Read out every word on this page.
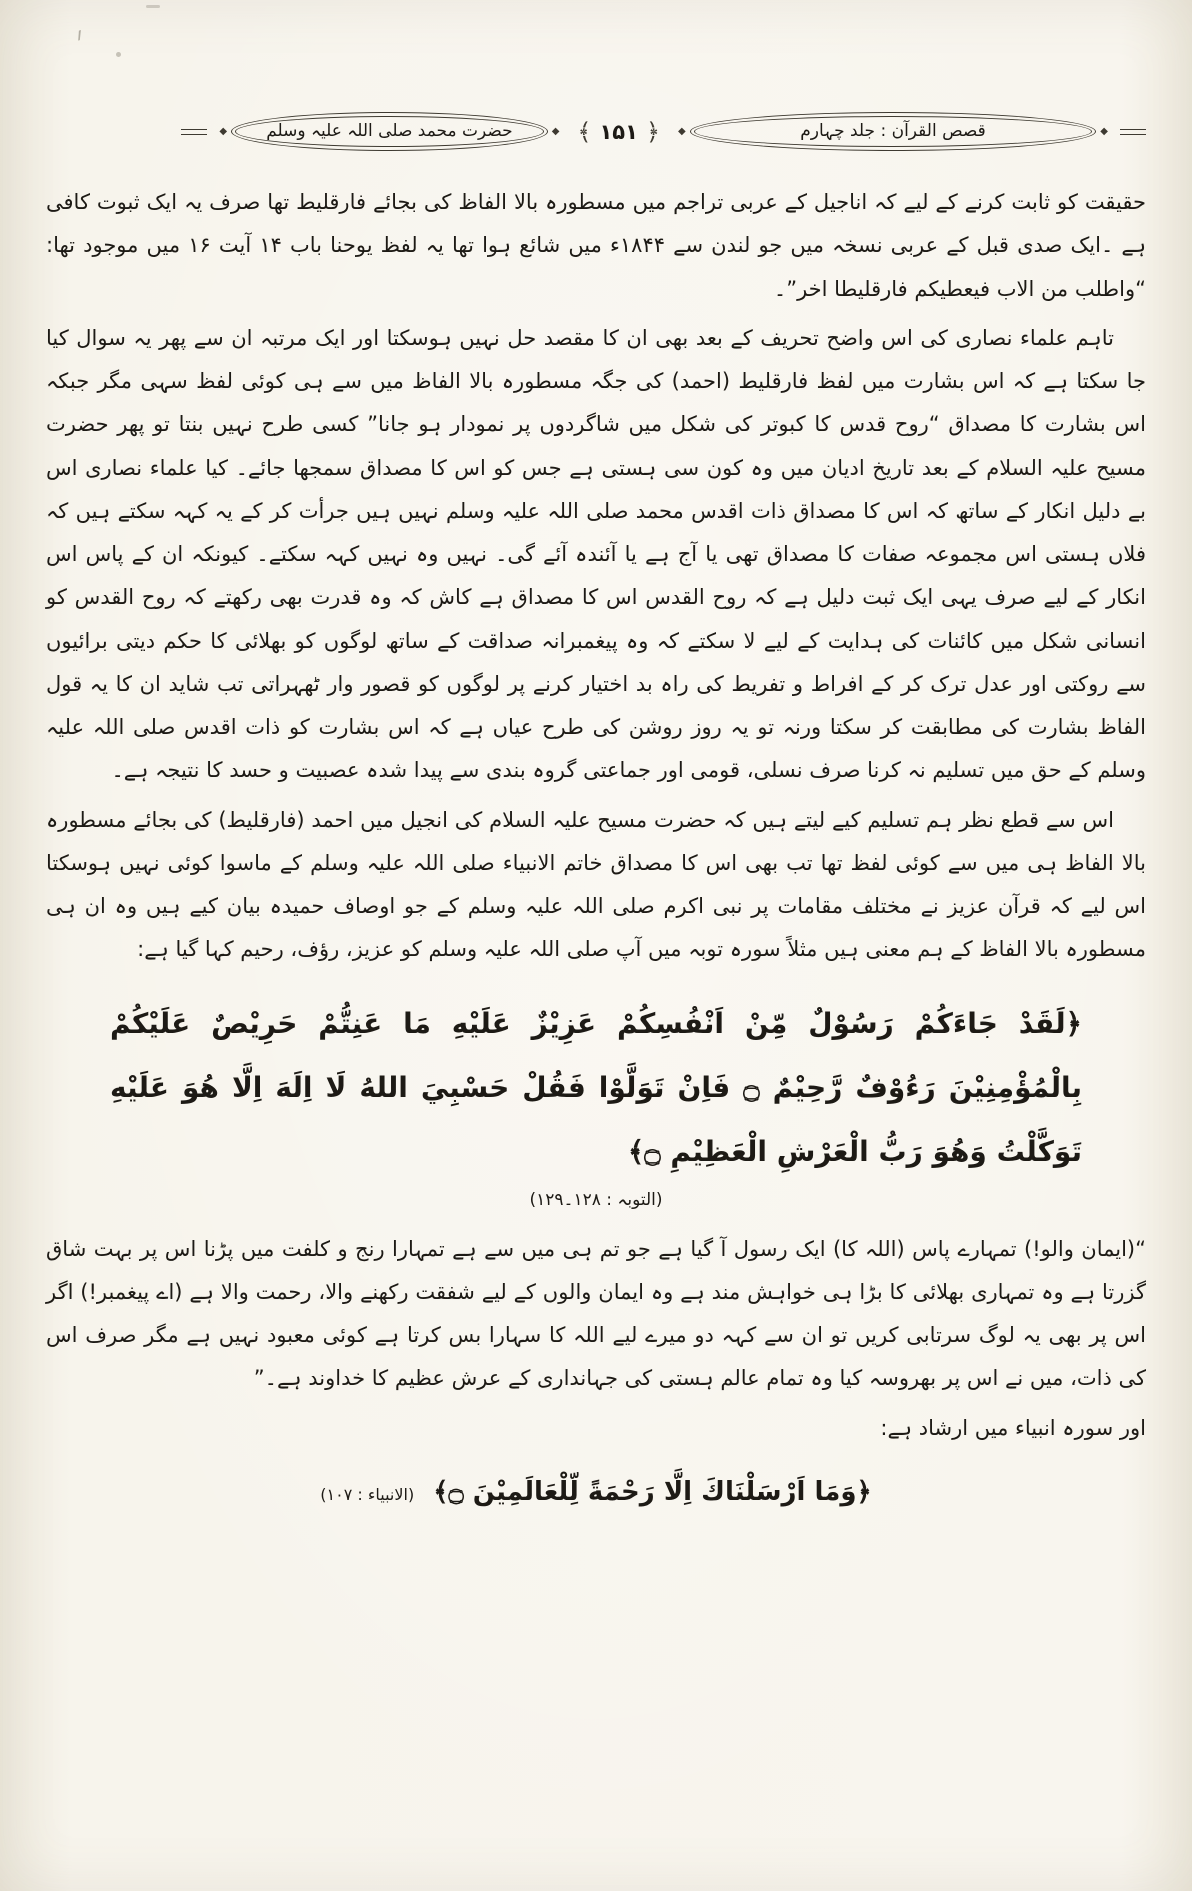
؍
◆
قصص القرآن : جلد چہارم
◆
﴿
۱۵۱
﴾
◆
حضرت محمد صلی اللہ علیہ وسلم
◆

حقیقت کو ثابت کرنے کے لیے کہ اناجیل کے عربی تراجم میں مسطورہ بالا الفاظ کی بجائے فارقلیط تھا صرف یہ ایک ثبوت کافی ہے ۔ایک صدی قبل کے عربی نسخہ میں جو لندن سے ۱۸۴۴ء میں شائع ہوا تھا یہ لفظ یوحنا باب ۱۴ آیت ۱۶ میں موجود تھا: “واطلب من الاب فيعطيكم فارقليطا اخر”۔

تاہم علماء نصاری کی اس واضح تحریف کے بعد بھی ان کا مقصد حل نہیں ہوسکتا اور ایک مرتبہ ان سے پھر یہ سوال کیا جا سکتا ہے کہ اس بشارت میں لفظ فارقلیط (احمد) کی جگہ مسطورہ بالا الفاظ میں سے ہی کوئی لفظ سہی مگر جبکہ اس بشارت کا مصداق “روح قدس کا کبوتر کی شکل میں شاگردوں پر نمودار ہو جانا” کسی طرح نہیں بنتا تو پھر حضرت مسیح علیہ السلام کے بعد تاریخ ادیان میں وہ کون سی ہستی ہے جس کو اس کا مصداق سمجھا جائے۔ کیا علماء نصاری اس بے دلیل انکار کے ساتھ کہ اس کا مصداق ذات اقدس محمد صلی اللہ علیہ وسلم نہیں ہیں جرأت کر کے یہ کہہ سکتے ہیں کہ فلاں ہستی اس مجموعہ صفات کا مصداق تھی یا آج ہے یا آئندہ آئے گی۔ نہیں وہ نہیں کہہ سکتے۔ کیونکہ ان کے پاس اس انکار کے لیے صرف یہی ایک ثبت دلیل ہے کہ روح القدس اس کا مصداق ہے کاش کہ وہ قدرت بھی رکھتے کہ روح القدس کو انسانی شکل میں کائنات کی ہدایت کے لیے لا سکتے کہ وہ پیغمبرانہ صداقت کے ساتھ لوگوں کو بھلائی کا حکم دیتی برائیوں سے روکتی اور عدل ترک کر کے افراط و تفریط کی راہ بد اختیار کرنے پر لوگوں کو قصور وار ٹھہراتی تب شاید ان کا یہ قول الفاظ بشارت کی مطابقت کر سکتا ورنہ تو یہ روز روشن کی طرح عیاں ہے کہ اس بشارت کو ذات اقدس صلی اللہ علیہ وسلم کے حق میں تسلیم نہ کرنا صرف نسلی، قومی اور جماعتی گروہ بندی سے پیدا شدہ عصبیت و حسد کا نتیجہ ہے۔

اس سے قطع نظر ہم تسلیم کیے لیتے ہیں کہ حضرت مسیح علیہ السلام کی انجیل میں احمد (فارقلیط) کی بجائے مسطورہ بالا الفاظ ہی میں سے کوئی لفظ تھا تب بھی اس کا مصداق خاتم الانبیاء صلی اللہ علیہ وسلم کے ماسوا کوئی نہیں ہوسکتا اس لیے کہ قرآن عزیز نے مختلف مقامات پر نبی اکرم صلی اللہ علیہ وسلم کے جو اوصاف حمیدہ بیان کیے ہیں وہ ان ہی مسطورہ بالا الفاظ کے ہم معنی ہیں مثلاً سورہ توبہ میں آپ صلی اللہ علیہ وسلم کو عزیز، رؤف، رحیم کہا گیا ہے:

﴿لَقَدْ جَاءَكُمْ رَسُوْلٌ مِّنْ اَنْفُسِكُمْ عَزِيْزٌ عَلَيْهِ مَا عَنِتُّمْ حَرِيْصٌ عَلَيْكُمْ بِالْمُؤْمِنِيْنَ رَءُوْفٌ رَّحِيْمٌ ۝ فَاِنْ تَوَلَّوْا فَقُلْ حَسْبِيَ اللهُ لَا اِلَهَ اِلَّا هُوَ عَلَيْهِ تَوَكَّلْتُ وَهُوَ رَبُّ الْعَرْشِ الْعَظِيْمِ ۝﴾
(التوبہ : ۱۲۸۔۱۲۹)

“(ایمان والو!) تمہارے پاس (اللہ کا) ایک رسول آ گیا ہے جو تم ہی میں سے ہے تمہارا رنج و کلفت میں پڑنا اس پر بہت شاق گزرتا ہے وہ تمہاری بھلائی کا بڑا ہی خواہش مند ہے وہ ایمان والوں کے لیے شفقت رکھنے والا، رحمت والا ہے (اے پیغمبر!) اگر اس پر بھی یہ لوگ سرتابی کریں تو ان سے کہہ دو میرے لیے اللہ کا سہارا بس کرتا ہے کوئی معبود نہیں ہے مگر صرف اس کی ذات، میں نے اس پر بھروسہ کیا وہ تمام عالم ہستی کی جہانداری کے عرش عظیم کا خداوند ہے۔”

اور سورہ انبیاء میں ارشاد ہے:

﴿وَمَا اَرْسَلْنَاكَ اِلَّا رَحْمَةً لِّلْعَالَمِيْنَ ۝﴾ (الانبیاء : ۱۰۷)
